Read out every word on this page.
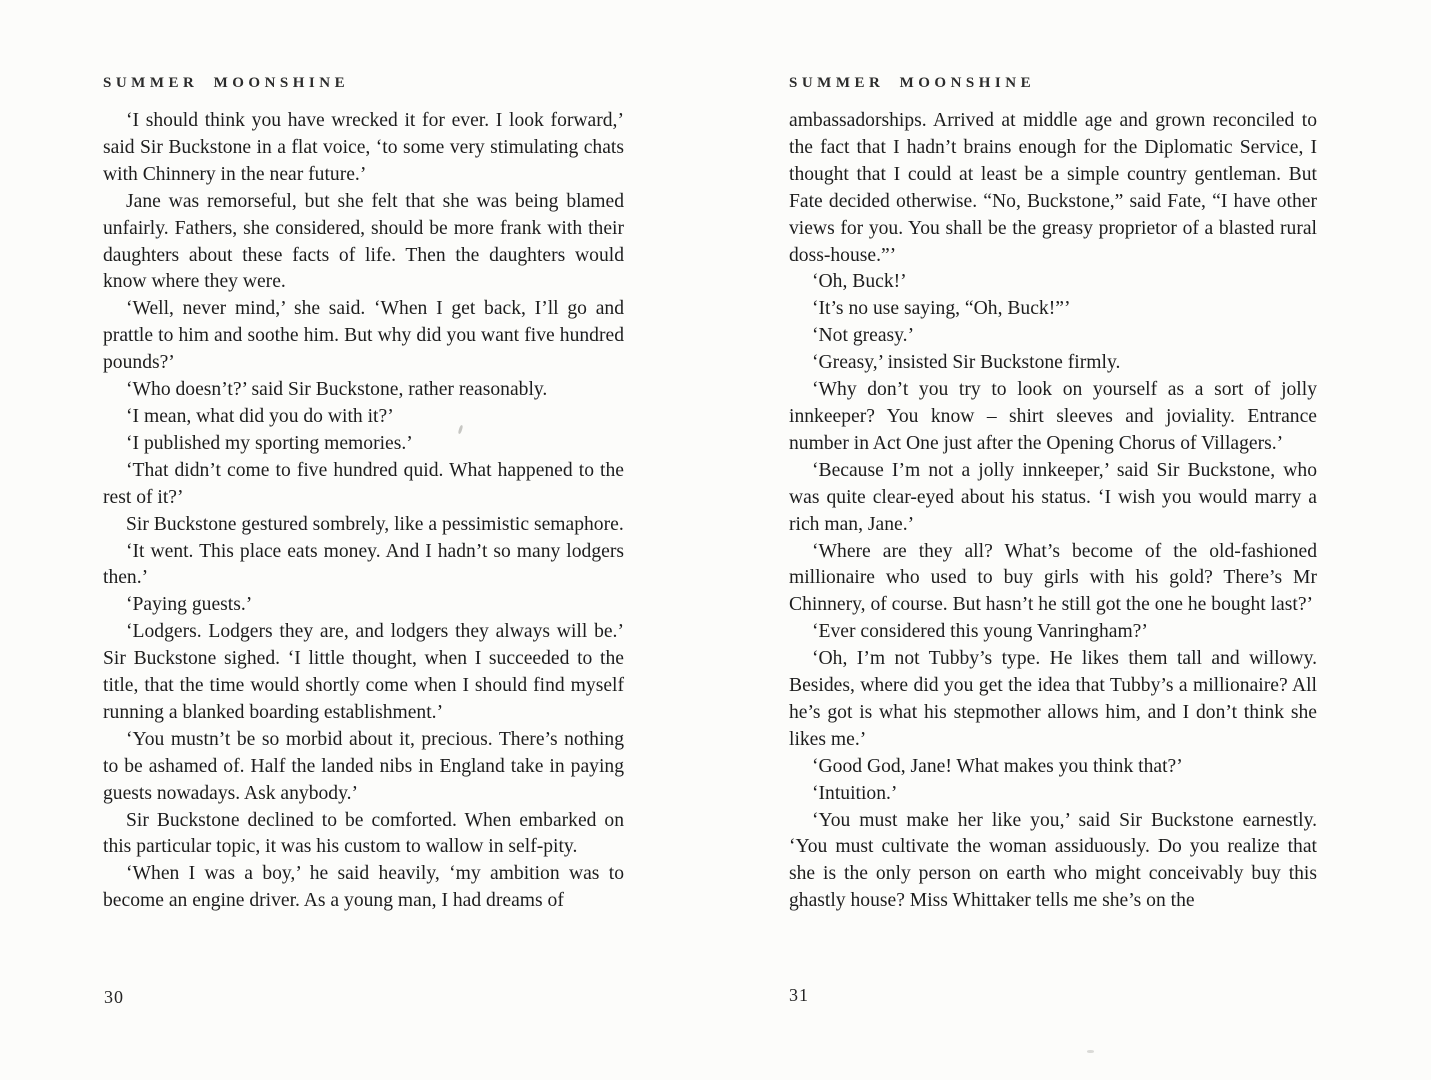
SUMMER MOONSHINE

‘I should think you have wrecked it for ever. I look forward,’ said Sir Buckstone in a flat voice, ‘to some very stimulating chats with Chinnery in the near future.’

Jane was remorseful, but she felt that she was being blamed unfairly. Fathers, she considered, should be more frank with their daughters about these facts of life. Then the daughters would know where they were.

‘Well, never mind,’ she said. ‘When I get back, I’ll go and prattle to him and soothe him. But why did you want five hundred pounds?’

‘Who doesn’t?’ said Sir Buckstone, rather reasonably.

‘I mean, what did you do with it?’

‘I published my sporting memories.’

‘That didn’t come to five hundred quid. What happened to the rest of it?’

Sir Buckstone gestured sombrely, like a pessimistic semaphore.

‘It went. This place eats money. And I hadn’t so many lodgers then.’

‘Paying guests.’

‘Lodgers. Lodgers they are, and lodgers they always will be.’ Sir Buckstone sighed. ‘I little thought, when I succeeded to the title, that the time would shortly come when I should find myself running a blanked boarding establishment.’

‘You mustn’t be so morbid about it, precious. There’s nothing to be ashamed of. Half the landed nibs in England take in paying guests nowadays. Ask anybody.’

Sir Buckstone declined to be comforted. When embarked on this particular topic, it was his custom to wallow in self-pity.

‘When I was a boy,’ he said heavily, ‘my ambition was to become an engine driver. As a young man, I had dreams of

SUMMER MOONSHINE

ambassadorships. Arrived at middle age and grown reconciled to the fact that I hadn’t brains enough for the Diplomatic Service, I thought that I could at least be a simple country gentleman. But Fate decided otherwise. “No, Buckstone,” said Fate, “I have other views for you. You shall be the greasy proprietor of a blasted rural doss-house.”’

‘Oh, Buck!’

‘It’s no use saying, “Oh, Buck!”’

‘Not greasy.’

‘Greasy,’ insisted Sir Buckstone firmly.

‘Why don’t you try to look on yourself as a sort of jolly innkeeper? You know – shirt sleeves and joviality. Entrance number in Act One just after the Opening Chorus of Villagers.’

‘Because I’m not a jolly innkeeper,’ said Sir Buckstone, who was quite clear-eyed about his status. ‘I wish you would marry a rich man, Jane.’

‘Where are they all? What’s become of the old-fashioned millionaire who used to buy girls with his gold? There’s Mr Chinnery, of course. But hasn’t he still got the one he bought last?’

‘Ever considered this young Vanringham?’

‘Oh, I’m not Tubby’s type. He likes them tall and willowy. Besides, where did you get the idea that Tubby’s a millionaire? All he’s got is what his stepmother allows him, and I don’t think she likes me.’

‘Good God, Jane! What makes you think that?’

‘Intuition.’

‘You must make her like you,’ said Sir Buckstone earnestly. ‘You must cultivate the woman assiduously. Do you realize that she is the only person on earth who might conceivably buy this ghastly house? Miss Whittaker tells me she’s on the

30	31
